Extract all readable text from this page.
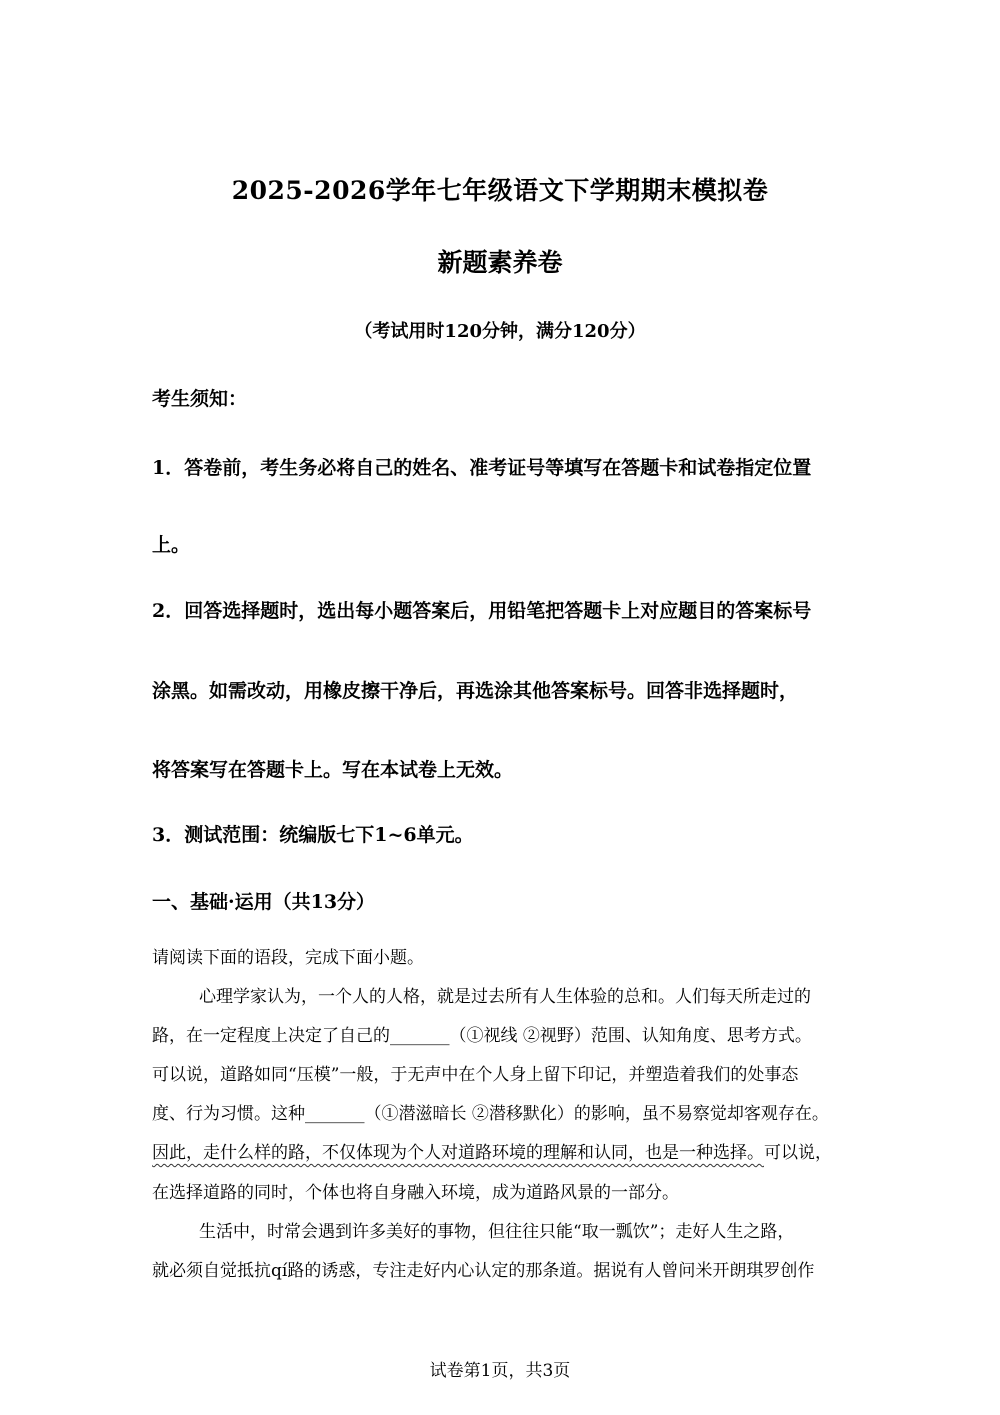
2025-2026学年七年级语文下学期期末模拟卷
新题素养卷
（考试用时120分钟，满分120分）
考生须知：
1．答卷前，考生务必将自己的姓名、准考证号等填写在答题卡和试卷指定位置
上。
2．回答选择题时，选出每小题答案后，用铅笔把答题卡上对应题目的答案标号
涂黑。如需改动，用橡皮擦干净后，再选涂其他答案标号。回答非选择题时，
将答案写在答题卡上。写在本试卷上无效。
3．测试范围：统编版七下1~6单元。
一、基础·运用（共13分）
请阅读下面的语段，完成下面小题。
心理学家认为，一个人的人格，就是过去所有人生体验的总和。人们每天所走过的
路，在一定程度上决定了自己的_______（①视线 ②视野）范围、认知角度、思考方式。
可以说，道路如同“压模”一般，于无声中在个人身上留下印记，并塑造着我们的处事态
度、行为习惯。这种_______（①潜滋暗长 ②潜移默化）的影响，虽不易察觉却客观存在。
因此，走什么样的路，不仅体现为个人对道路环境的理解和认同，也是一种选择。可以说，
在选择道路的同时，个体也将自身融入环境，成为道路风景的一部分。
生活中，时常会遇到许多美好的事物，但往往只能“取一瓢饮”；走好人生之路，
就必须自觉抵抗qí路的诱惑，专注走好内心认定的那条道。据说有人曾问米开朗琪罗创作
试卷第1页，共3页
